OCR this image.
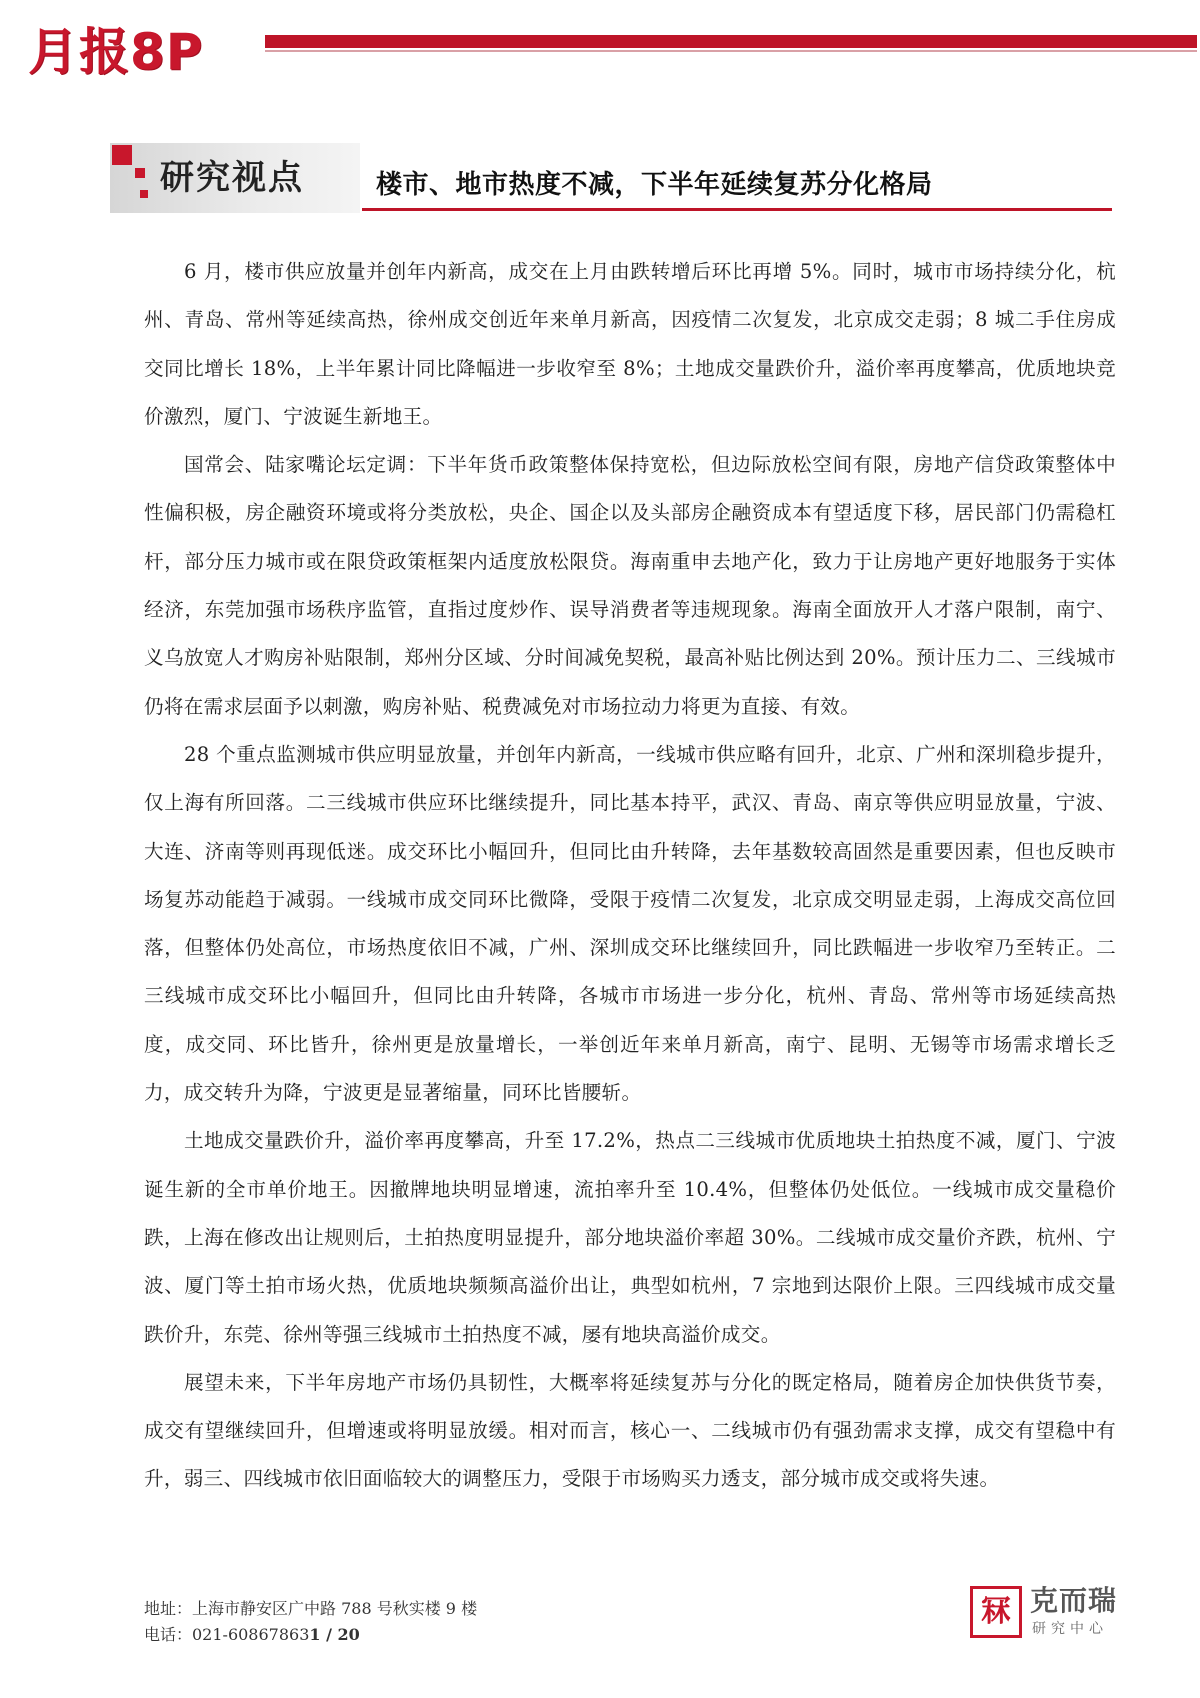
月报8P
研究视点	楼市、地市热度不减，下半年延续复苏分化格局

6 月，楼市供应放量并创年内新高，成交在上月由跌转增后环比再增 5%。同时，城市市场持续分化，杭州、青岛、常州等延续高热，徐州成交创近年来单月新高，因疫情二次复发，北京成交走弱；8 城二手住房成交同比增长 18%，上半年累计同比降幅进一步收窄至 8%；土地成交量跌价升，溢价率再度攀高，优质地块竞价激烈，厦门、宁波诞生新地王。

国常会、陆家嘴论坛定调：下半年货币政策整体保持宽松，但边际放松空间有限，房地产信贷政策整体中性偏积极，房企融资环境或将分类放松，央企、国企以及头部房企融资成本有望适度下移，居民部门仍需稳杠杆，部分压力城市或在限贷政策框架内适度放松限贷。海南重申去地产化，致力于让房地产更好地服务于实体经济，东莞加强市场秩序监管，直指过度炒作、误导消费者等违规现象。海南全面放开人才落户限制，南宁、义乌放宽人才购房补贴限制，郑州分区域、分时间减免契税，最高补贴比例达到 20%。预计压力二、三线城市仍将在需求层面予以刺激，购房补贴、税费减免对市场拉动力将更为直接、有效。

28 个重点监测城市供应明显放量，并创年内新高，一线城市供应略有回升，北京、广州和深圳稳步提升，仅上海有所回落。二三线城市供应环比继续提升，同比基本持平，武汉、青岛、南京等供应明显放量，宁波、大连、济南等则再现低迷。成交环比小幅回升，但同比由升转降，去年基数较高固然是重要因素，但也反映市场复苏动能趋于减弱。一线城市成交同环比微降，受限于疫情二次复发，北京成交明显走弱，上海成交高位回落，但整体仍处高位，市场热度依旧不减，广州、深圳成交环比继续回升，同比跌幅进一步收窄乃至转正。二三线城市成交环比小幅回升，但同比由升转降，各城市市场进一步分化，杭州、青岛、常州等市场延续高热度，成交同、环比皆升，徐州更是放量增长，一举创近年来单月新高，南宁、昆明、无锡等市场需求增长乏力，成交转升为降，宁波更是显著缩量，同环比皆腰斩。

土地成交量跌价升，溢价率再度攀高，升至 17.2%，热点二三线城市优质地块土拍热度不减，厦门、宁波诞生新的全市单价地王。因撤牌地块明显增速，流拍率升至 10.4%，但整体仍处低位。一线城市成交量稳价跌，上海在修改出让规则后，土拍热度明显提升，部分地块溢价率超 30%。二线城市成交量价齐跌，杭州、宁波、厦门等土拍市场火热，优质地块频频高溢价出让，典型如杭州，7 宗地到达限价上限。三四线城市成交量跌价升，东莞、徐州等强三线城市土拍热度不减，屡有地块高溢价成交。

展望未来，下半年房地产市场仍具韧性，大概率将延续复苏与分化的既定格局，随着房企加快供货节奏，成交有望继续回升，但增速或将明显放缓。相对而言，核心一、二线城市仍有强劲需求支撑，成交有望稳中有升，弱三、四线城市依旧面临较大的调整压力，受限于市场购买力透支，部分城市成交或将失速。

地址：上海市静安区广中路 788 号秋实楼 9 楼
电话：021-608678631 / 20
冧 克而瑞
研究中心
